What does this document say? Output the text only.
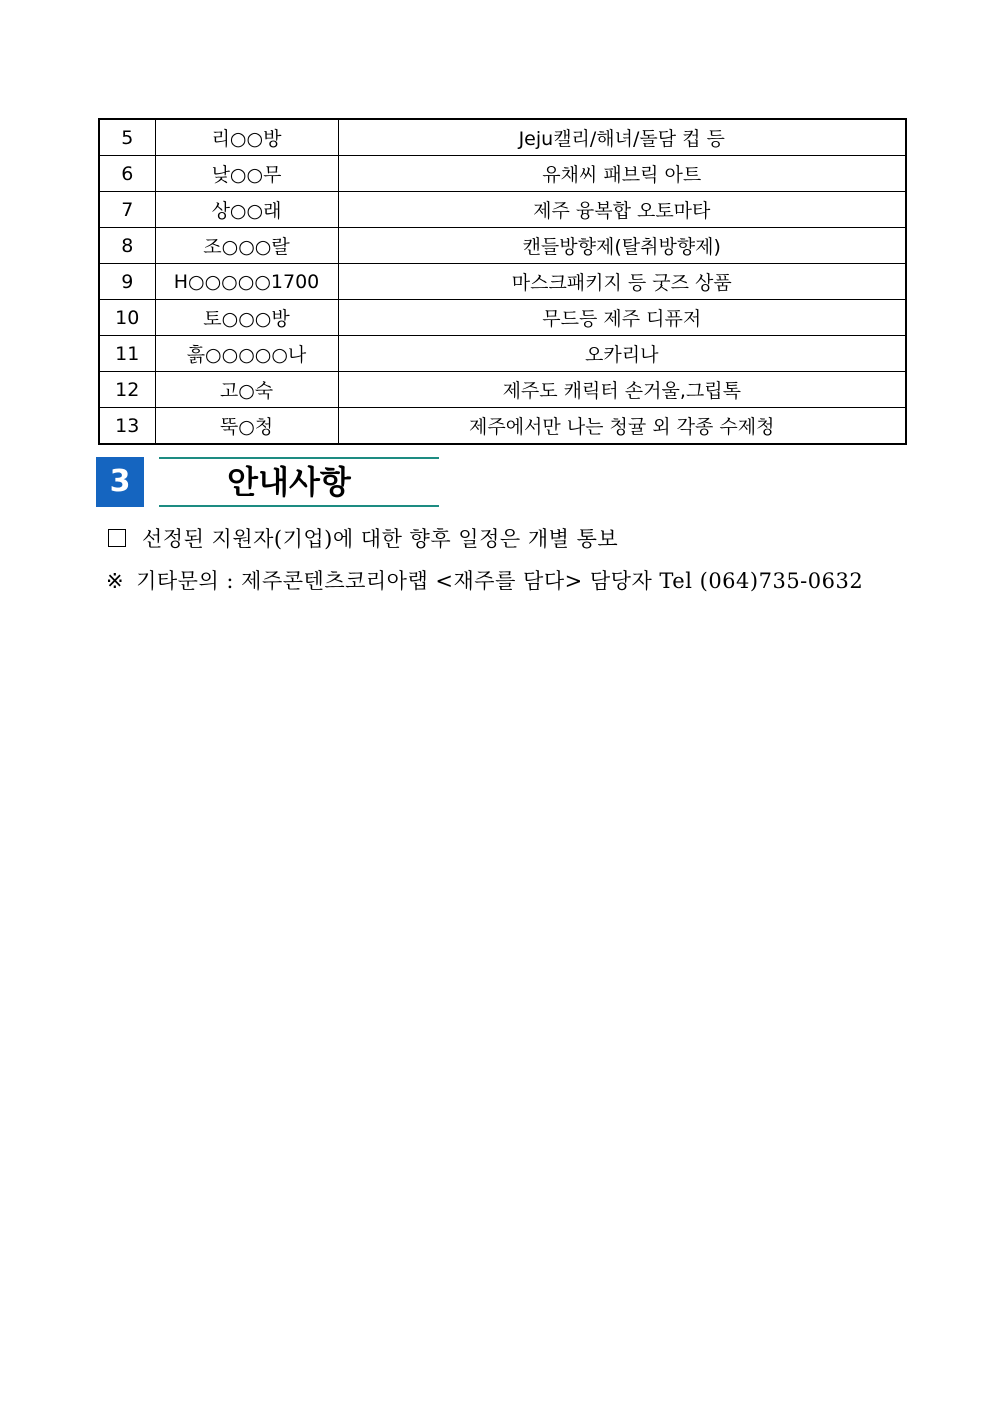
5	리○○방	Jeju캘리/해녀/돌담 컵 등
6	낮○○무	유채씨 패브릭 아트
7	상○○래	제주 융복합 오토마타
8	조○○○랄	캔들방향제(탈취방향제)
9	H○○○○○1700	마스크패키지 등 굿즈 상품
10	토○○○방	무드등 제주 디퓨저
11	흙○○○○○나	오카리나
12	고○숙	제주도 캐릭터 손거울,그립톡
13	뚝○청	제주에서만 나는 청귤 외 각종 수제청
3	안내사항
선정된 지원자(기업)에 대한 향후 일정은 개별 통보
※ 기타문의 : 제주콘텐츠코리아랩 <재주를 담다> 담당자 Tel (064)735-0632
